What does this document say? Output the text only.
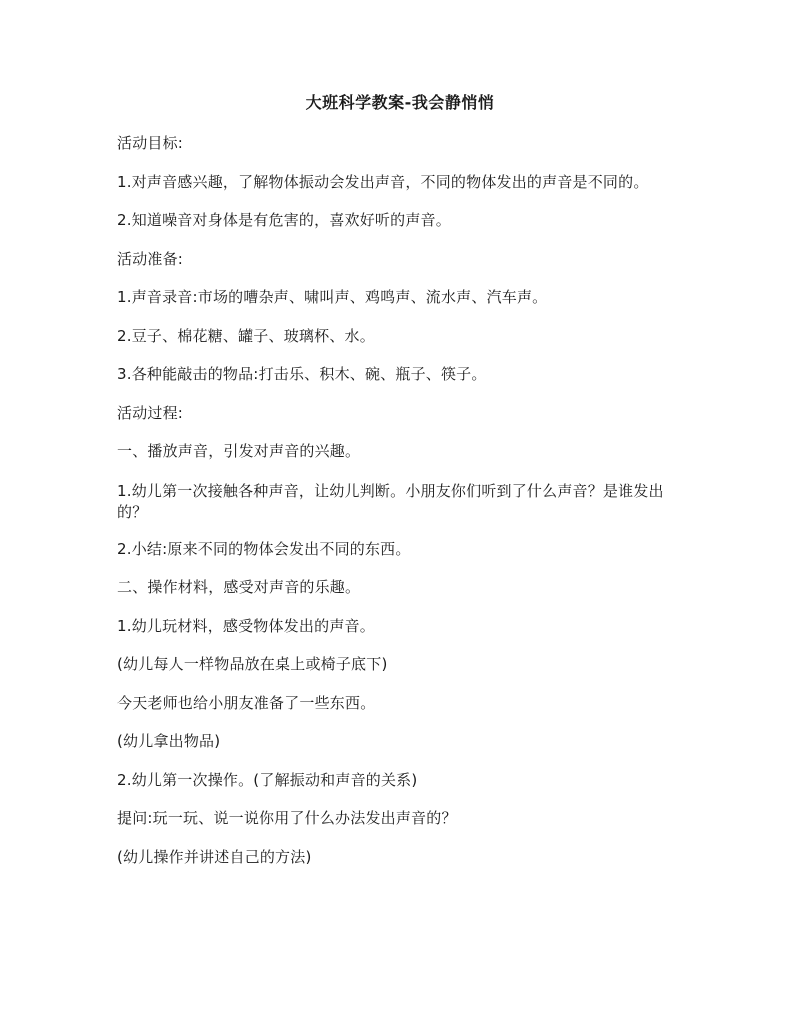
大班科学教案-我会静悄悄

活动目标:

1.对声音感兴趣，了解物体振动会发出声音，不同的物体发出的声音是不同的。

2.知道噪音对身体是有危害的，喜欢好听的声音。

活动准备:

1.声音录音:市场的嘈杂声、啸叫声、鸡鸣声、流水声、汽车声。

2.豆子、棉花糖、罐子、玻璃杯、水。

3.各种能敲击的物品:打击乐、积木、碗、瓶子、筷子。

活动过程:

一、播放声音，引发对声音的兴趣。

1.幼儿第一次接触各种声音，让幼儿判断。小朋友你们听到了什么声音？是谁发出的？

2.小结:原来不同的物体会发出不同的东西。

二、操作材料，感受对声音的乐趣。

1.幼儿玩材料，感受物体发出的声音。

(幼儿每人一样物品放在桌上或椅子底下)

今天老师也给小朋友准备了一些东西。

(幼儿拿出物品)

2.幼儿第一次操作。(了解振动和声音的关系)

提问:玩一玩、说一说你用了什么办法发出声音的？

(幼儿操作并讲述自己的方法)
